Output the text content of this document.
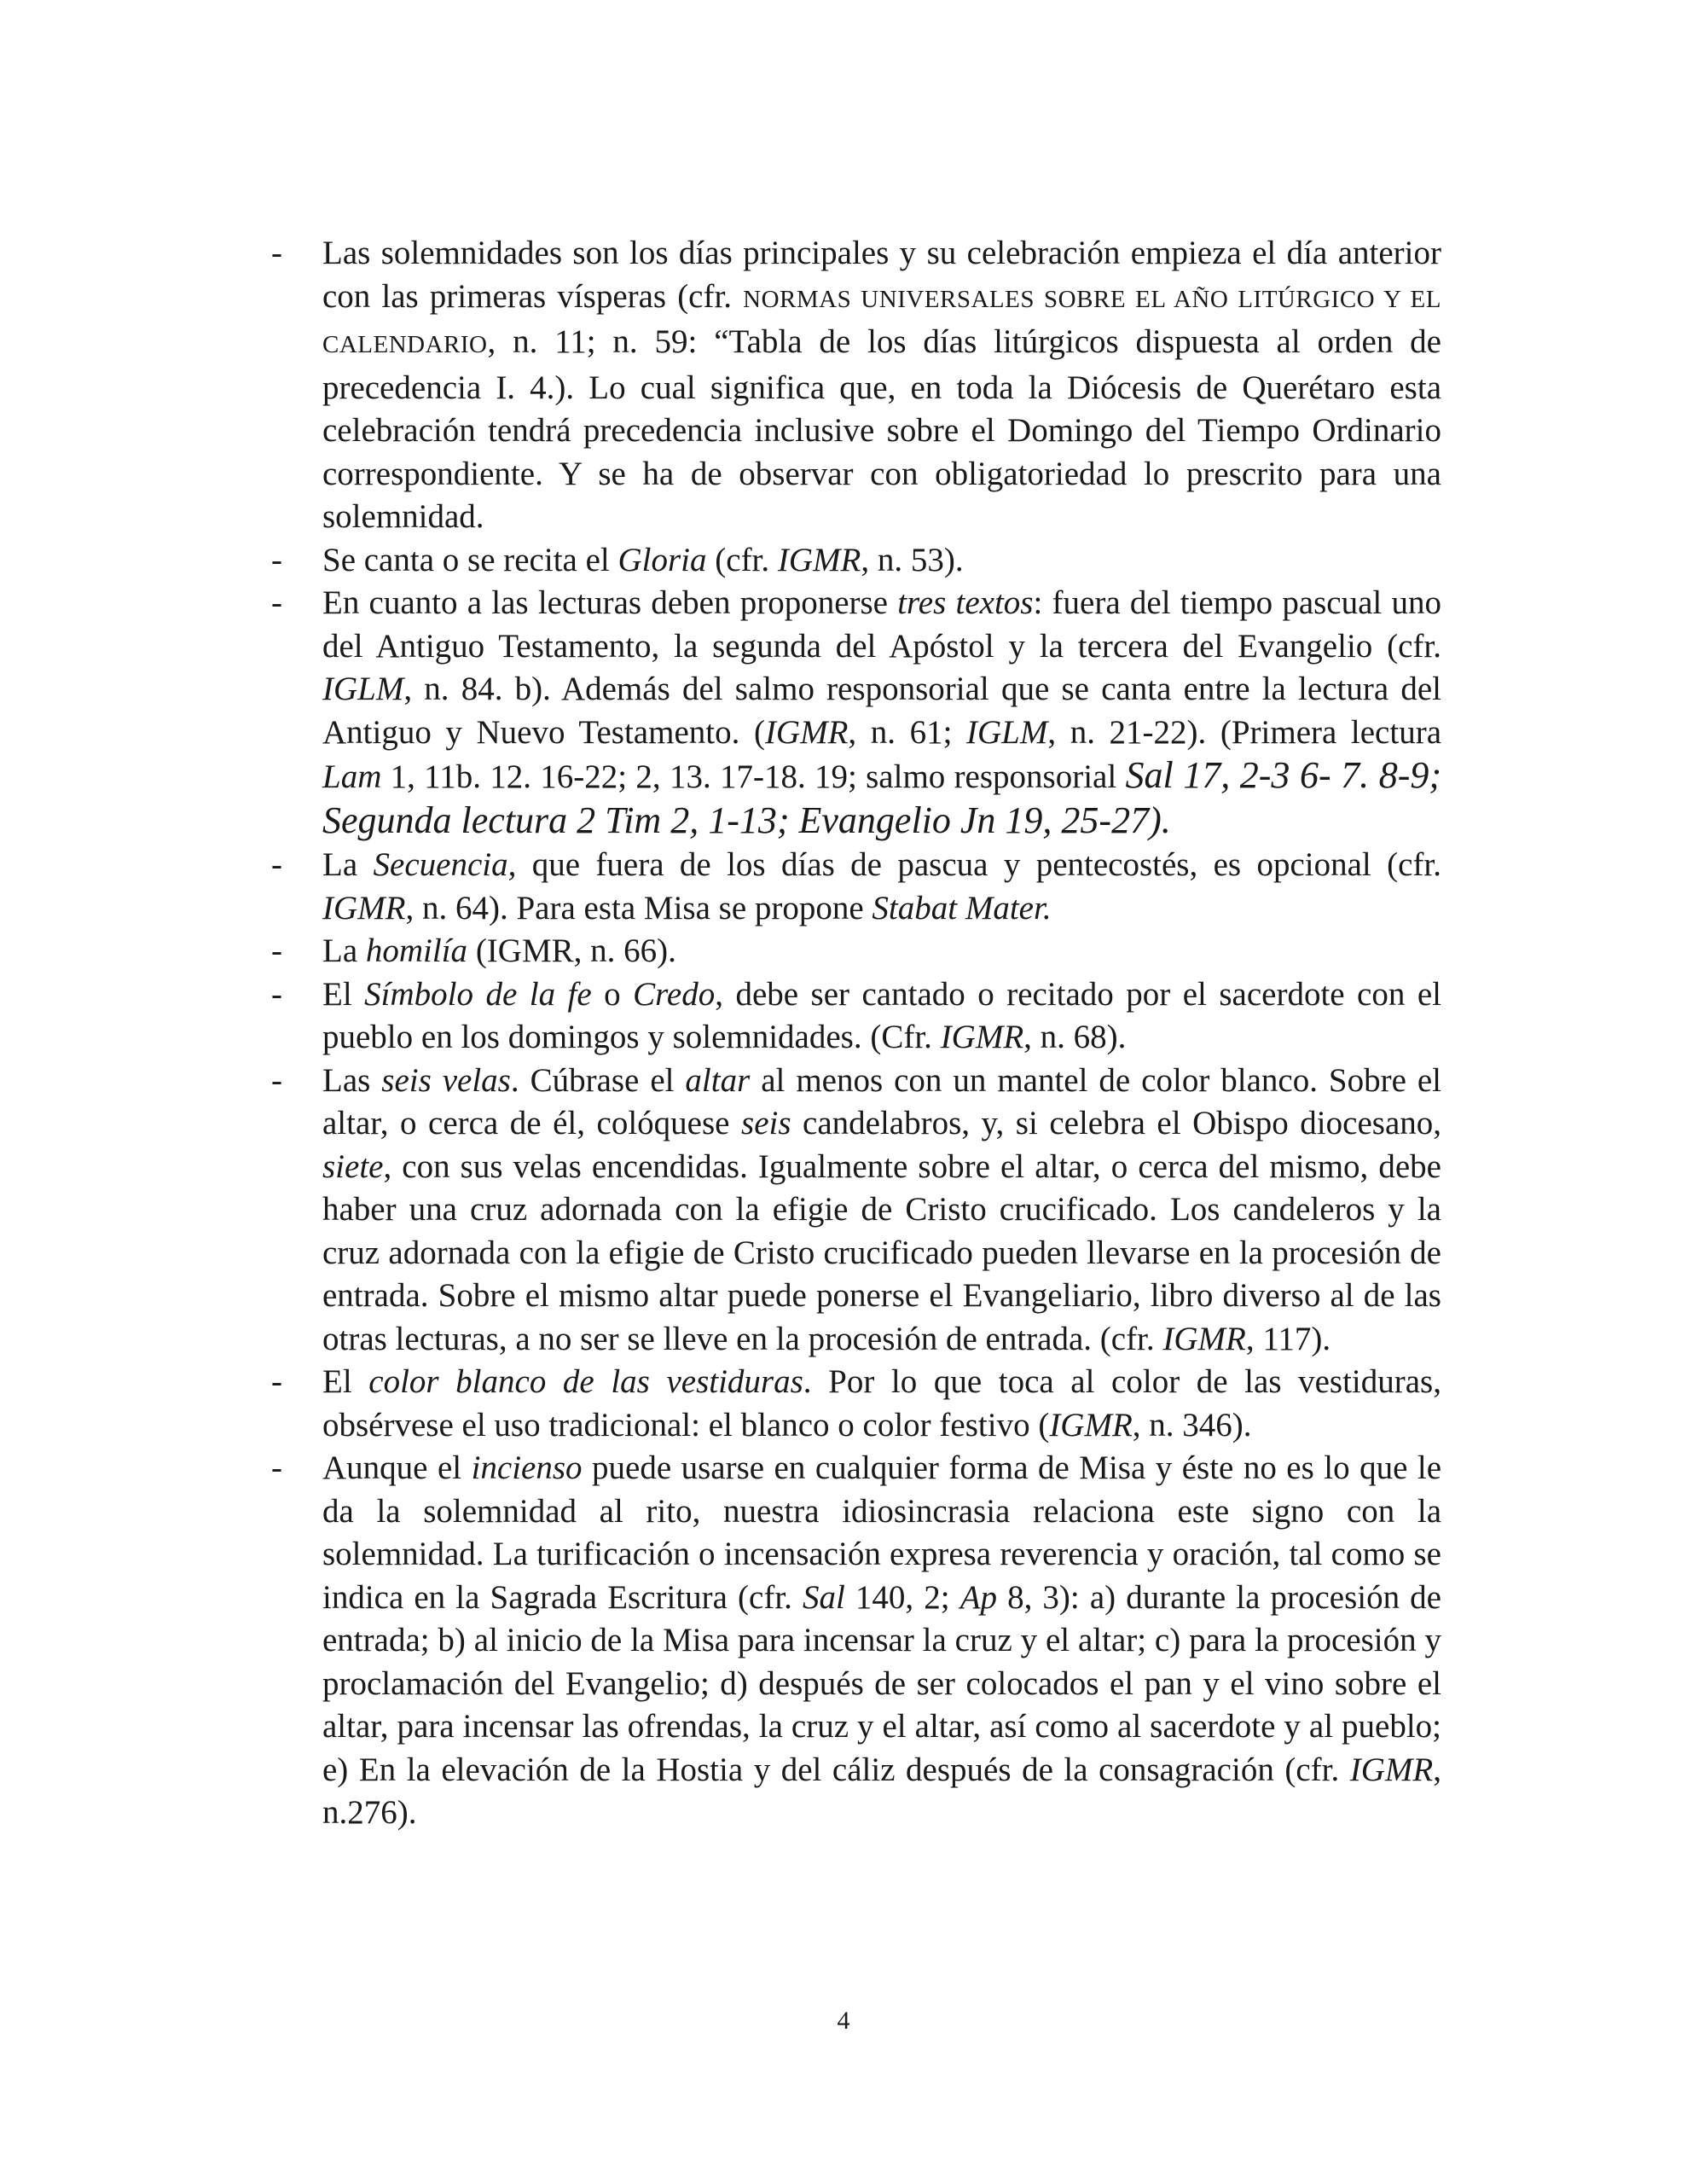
-	Las solemnidades son los días principales y su celebración empieza el día anterior con las primeras vísperas (cfr. NORMAS UNIVERSALES SOBRE EL AÑO LITÚRGICO Y EL CALENDARIO, n. 11; n. 59: “Tabla de los días litúrgicos dispuesta al orden de precedencia I. 4.). Lo cual significa que, en toda la Diócesis de Querétaro esta celebración tendrá precedencia inclusive sobre el Domingo del Tiempo Ordinario correspondiente. Y se ha de observar con obligatoriedad lo prescrito para una solemnidad.
-	Se canta o se recita el Gloria (cfr. IGMR, n. 53).
-	En cuanto a las lecturas deben proponerse tres textos: fuera del tiempo pascual uno del Antiguo Testamento, la segunda del Apóstol y la tercera del Evangelio (cfr. IGLM, n. 84. b). Además del salmo responsorial que se canta entre la lectura del Antiguo y Nuevo Testamento. (IGMR, n. 61; IGLM, n. 21-22). (Primera lectura Lam 1, 11b. 12. 16-22; 2, 13. 17-18. 19; salmo responsorial Sal 17, 2-3 6- 7. 8-9; Segunda lectura 2 Tim 2, 1-13; Evangelio Jn 19, 25-27).
-	La Secuencia, que fuera de los días de pascua y pentecostés, es opcional (cfr. IGMR, n. 64). Para esta Misa se propone Stabat Mater.
-	La homilía (IGMR, n. 66).
-	El Símbolo de la fe o Credo, debe ser cantado o recitado por el sacerdote con el pueblo en los domingos y solemnidades. (Cfr. IGMR, n. 68).
-	Las seis velas. Cúbrase el altar al menos con un mantel de color blanco. Sobre el altar, o cerca de él, colóquese seis candelabros, y, si celebra el Obispo diocesano, siete, con sus velas encendidas. Igualmente sobre el altar, o cerca del mismo, debe haber una cruz adornada con la efigie de Cristo crucificado. Los candeleros y la cruz adornada con la efigie de Cristo crucificado pueden llevarse en la procesión de entrada. Sobre el mismo altar puede ponerse el Evangeliario, libro diverso al de las otras lecturas, a no ser se lleve en la procesión de entrada. (cfr. IGMR, 117).
-	El color blanco de las vestiduras. Por lo que toca al color de las vestiduras, obsérvese el uso tradicional: el blanco o color festivo (IGMR, n. 346).
-	Aunque el incienso puede usarse en cualquier forma de Misa y éste no es lo que le da la solemnidad al rito, nuestra idiosincrasia relaciona este signo con la solemnidad. La turificación o incensación expresa reverencia y oración, tal como se indica en la Sagrada Escritura (cfr. Sal 140, 2; Ap 8, 3): a) durante la procesión de entrada; b) al inicio de la Misa para incensar la cruz y el altar; c) para la procesión y proclamación del Evangelio; d) después de ser colocados el pan y el vino sobre el altar, para incensar las ofrendas, la cruz y el altar, así como al sacerdote y al pueblo; e) En la elevación de la Hostia y del cáliz después de la consagración (cfr. IGMR, n.276).
4
